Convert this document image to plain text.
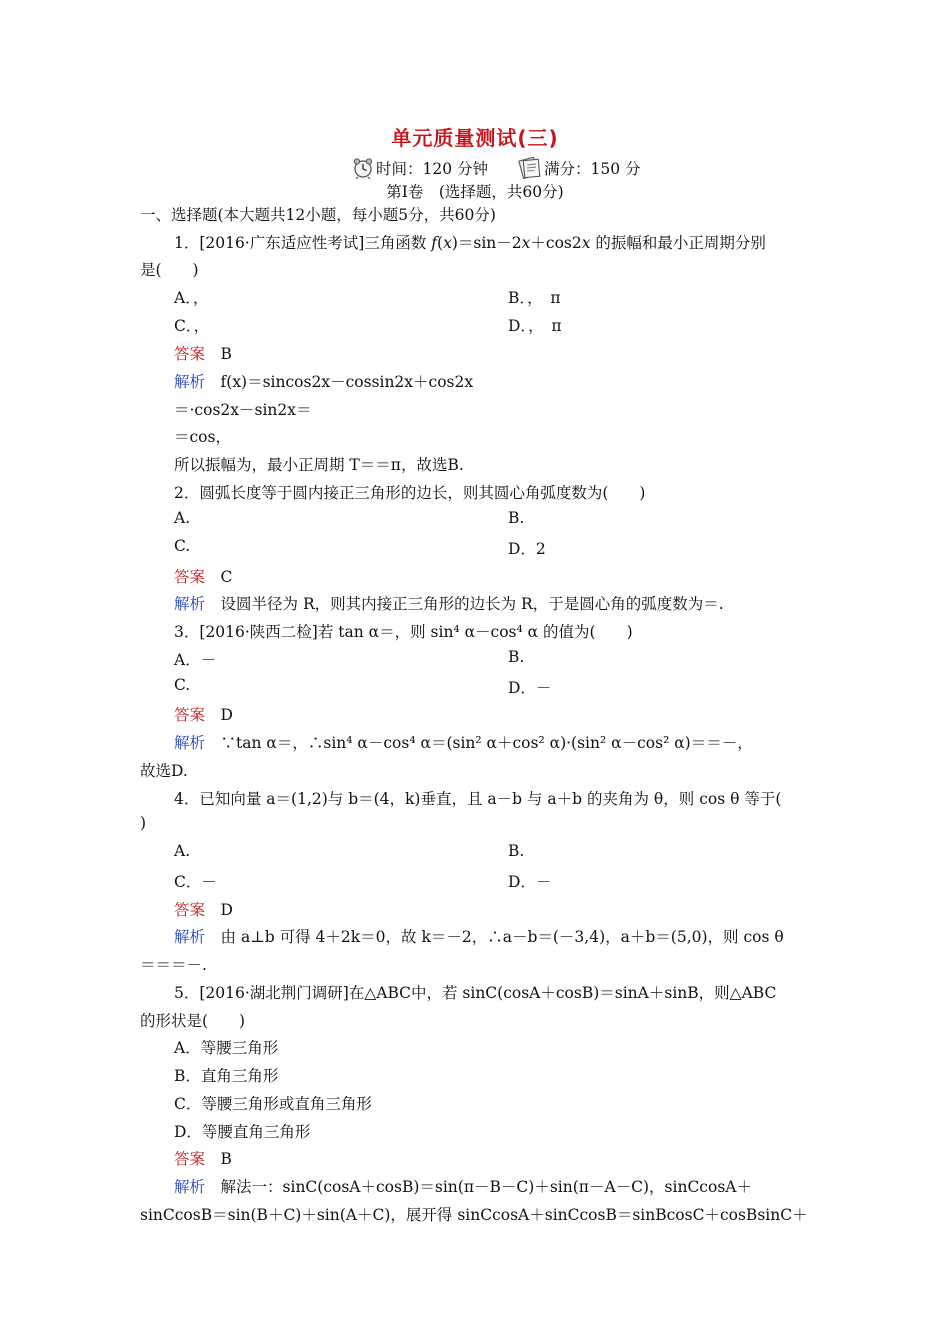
单元质量测试(三)
时间：120 分钟	满分：150 分
第Ⅰ卷　(选择题，共60分)
一、选择题(本大题共12小题，每小题5分，共60分)
1．[2016·广东适应性考试]三角函数 f(x)＝sin－2x＋cos2x 的振幅和最小正周期分别
是(　　)
A．，	B．，　π
C．，	D．，　π
答案　 B
解析　 f(x)＝sincos2x－cossin2x＋cos2x
＝·cos2x－sin2x＝
＝cos，
所以振幅为，最小正周期 T＝＝π，故选B.
2．圆弧长度等于圆内接正三角形的边长，则其圆心角弧度数为(　　)
A.	B.
C.	D．2
答案　 C
解析　 设圆半径为 R，则其内接正三角形的边长为 R，于是圆心角的弧度数为＝.
3．[2016·陕西二检]若 tan α＝，则 sin⁴ α－cos⁴ α 的值为(　　)
A．－	B.
C.	D．－
答案　 D
解析　 ∵tan α＝，∴sin⁴ α－cos⁴ α＝(sin² α＋cos² α)·(sin² α－cos² α)＝＝－，
故选D.
4．已知向量 a＝(1,2)与 b＝(4，k)垂直，且 a－b 与 a＋b 的夹角为 θ，则 cos θ 等于(
)
A.	B.
C．－	D．－
答案　 D
解析　 由 a⊥b 可得 4＋2k＝0，故 k＝－2，∴a－b＝(－3,4)，a＋b＝(5,0)，则 cos θ
＝＝＝－.
5．[2016·湖北荆门调研]在△ABC中，若 sinC(cosA＋cosB)＝sinA＋sinB，则△ABC
的形状是(　　)
A．等腰三角形
B．直角三角形
C．等腰三角形或直角三角形
D．等腰直角三角形
答案　 B
解析　 解法一：sinC(cosA＋cosB)＝sin(π－B－C)＋sin(π－A－C)，sinCcosA＋
sinCcosB＝sin(B＋C)＋sin(A＋C)，展开得 sinCcosA＋sinCcosB＝sinBcosC＋cosBsinC＋
